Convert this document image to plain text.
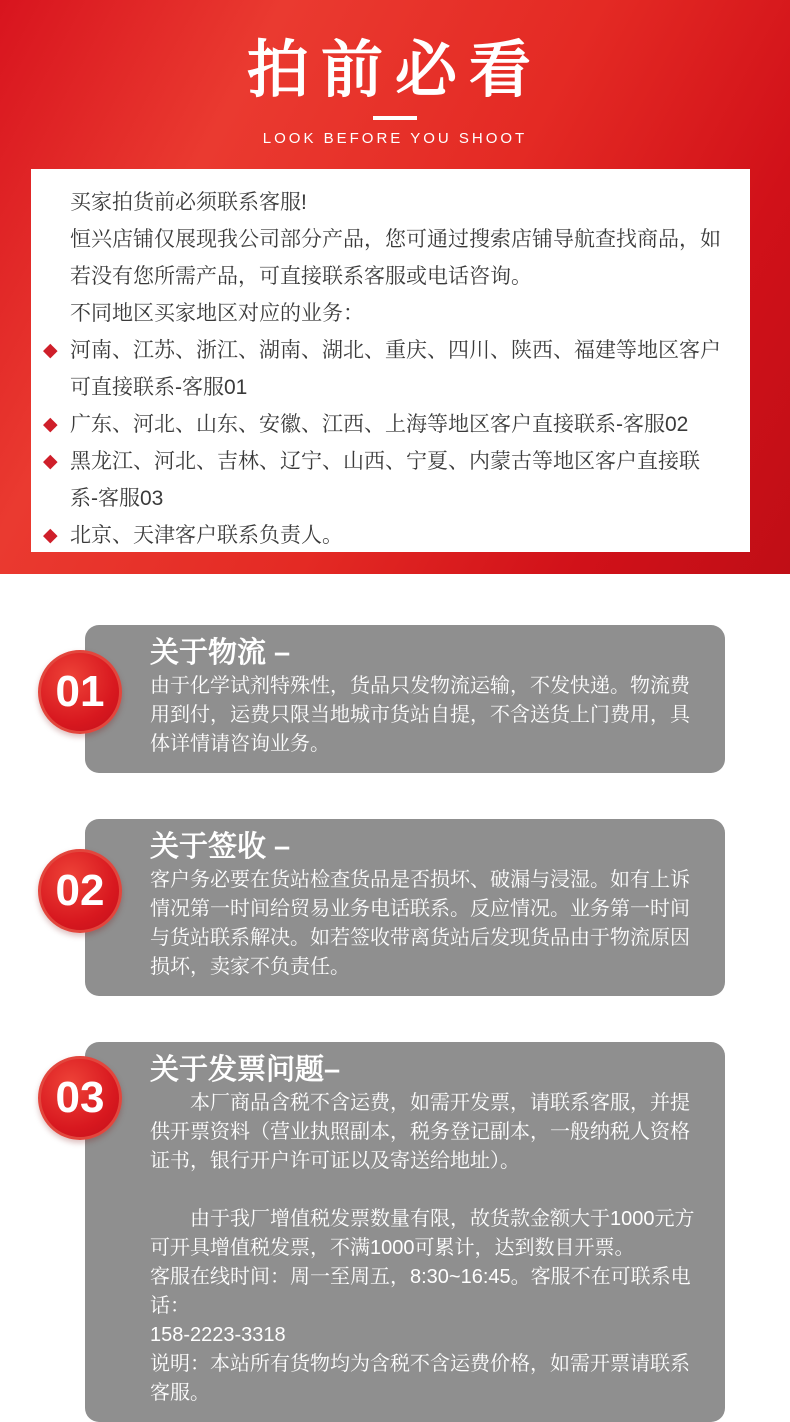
拍前必看
LOOK BEFORE YOU SHOOT
买家拍货前必须联系客服!
恒兴店铺仅展现我公司部分产品，您可通过搜索店铺导航查找商品，如若没有您所需产品，可直接联系客服或电话咨询。
不同地区买家地区对应的业务：
◆ 河南、江苏、浙江、湖南、湖北、重庆、四川、陕西、福建等地区客户可直接联系-客服01
◆ 广东、河北、山东、安徽、江西、上海等地区客户直接联系-客服02
◆ 黑龙江、河北、吉林、辽宁、山西、宁夏、内蒙古等地区客户直接联系-客服03
◆ 北京、天津客户联系负责人。
01
关于物流 –

由于化学试剂特殊性，货品只发物流运输，不发快递。物流费用到付，运费只限当地城市货站自提，不含送货上门费用，具体详情请咨询业务。

02
关于签收 –

客户务必要在货站检查货品是否损坏、破漏与浸湿。如有上诉情况第一时间给贸易业务电话联系。反应情况。业务第一时间与货站联系解决。如若签收带离货站后发现货品由于物流原因损坏，卖家不负责任。

03
关于发票问题–

本厂商品含税不含运费，如需开发票，请联系客服，并提供开票资料（营业执照副本，税务登记副本，一般纳税人资格证书，银行开户许可证以及寄送给地址）。

由于我厂增值税发票数量有限，故货款金额大于1000元方可开具增值税发票，不满1000可累计，达到数目开票。

客服在线时间：周一至周五，8:30~16:45。客服不在可联系电话：

158-2223-3318

说明：本站所有货物均为含税不含运费价格，如需开票请联系客服。
